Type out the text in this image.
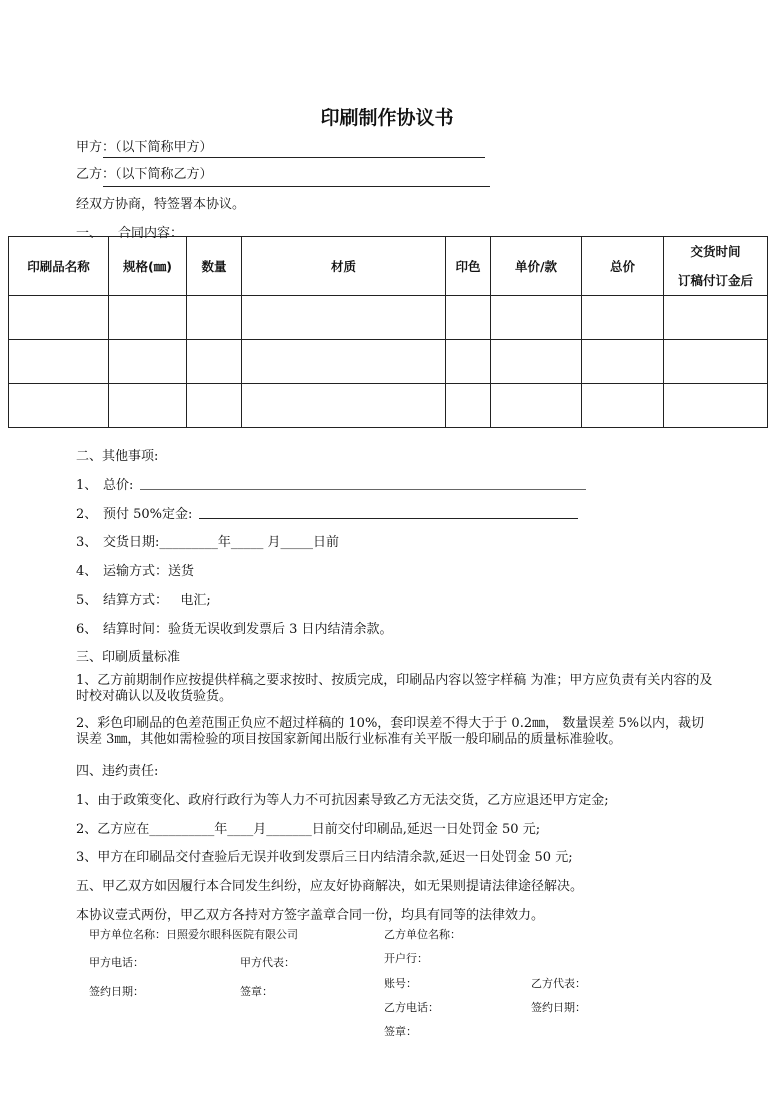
印刷制作协议书
甲方：（以下简称甲方）
乙方：（以下简称乙方）
经双方协商，特签署本协议。
一、 合同内容：
印刷品名称	规格(㎜)	数量	材质	印色	单价/款	总价	交货时间
订稿付订金后

二、其他事项:
1、 总价:
2、 预付 50%定金:
3、 交货日期:_________年_____ 月_____日前
4、 运输方式：送货
5、 结算方式：   电汇;
6、 结算时间：验货无误收到发票后 3 日内结清余款。
三、印刷质量标准
1、乙方前期制作应按提供样稿之要求按时、按质完成，印刷品内容以签字样稿 为准；甲方应负责有关内容的及时校对确认以及收货验货。
2、彩色印刷品的色差范围正负应不超过样稿的 10%，套印误差不得大于于 0.2㎜， 数量误差 5%以内，裁切误差 3㎜，其他如需检验的项目按国家新闻出版行业标准有关平版一般印刷品的质量标准验收。
四、违约责任:
1、由于政策变化、政府行政行为等人力不可抗因素导致乙方无法交货，乙方应退还甲方定金;
2、乙方应在__________年____月_______日前交付印刷品,延迟一日处罚金 50 元;
3、甲方在印刷品交付查验后无误并收到发票后三日内结清余款,延迟一日处罚金 50 元;
五、甲乙双方如因履行本合同发生纠纷，应友好协商解决，如无果则提请法律途径解决。
本协议壹式两份，甲乙双方各持对方签字盖章合同一份，均具有同等的法律效力。
甲方单位名称：日照爱尔眼科医院有限公司
甲方电话：	甲方代表：
签约日期：	签章：
乙方单位名称：
开户行：
账号：	乙方代表：
乙方电话：	签约日期：
签章：
